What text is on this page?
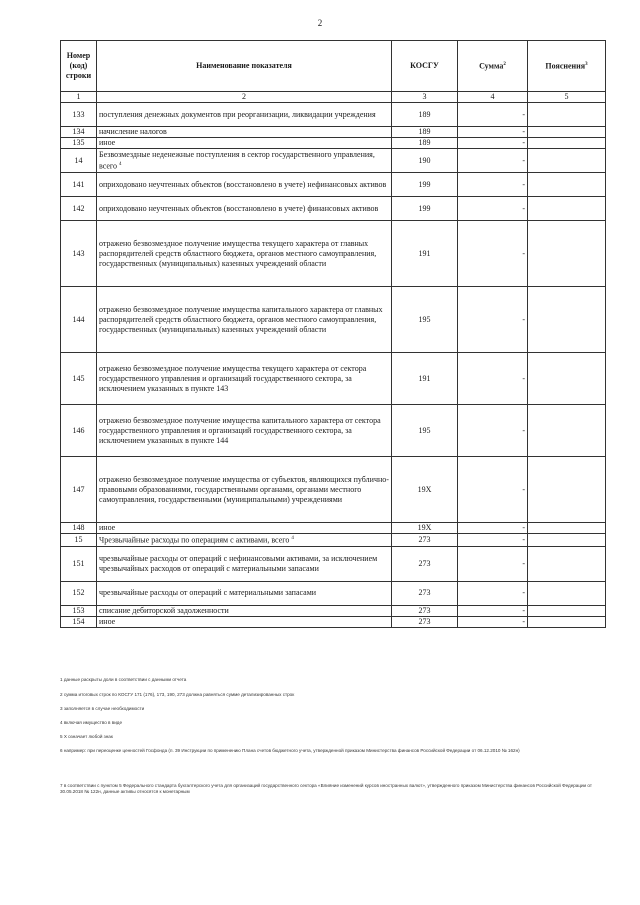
2
Номер (код) строки	Наименование показателя	КОСГУ	Сумма$^2$	Пояснения$^3$
1	2	3	4	5
133	поступления денежных документов при реорганизации, ликвидации учреждения	189	-	
134	начисление налогов	189	-	
135	иное	189	-	
14	Безвозмездные неденежные поступления в сектор государственного управления, всего $^4$	190	-	
141	оприходовано неучтенных объектов (восстановлено в учете) нефинансовых активов	199	-	
142	оприходовано неучтенных объектов (восстановлено в учете) финансовых активов	199	-	
143	отражено безвозмездное получение имущества текущего характера от главных распорядителей средств областного бюджета, органов местного самоуправления, государственных (муниципальных) казенных учреждений области	191	-	
144	отражено безвозмездное получение имущества капитального характера от главных распорядителей средств областного бюджета, органов местного самоуправления, государственных (муниципальных) казенных учреждений области	195	-	
145	отражено безвозмездное получение имущества текущего характера от сектора государственного управления и организаций государственного сектора, за исключением указанных в пункте 143	191	-	
146	отражено безвозмездное получение имущества капитального характера от сектора государственного управления и организаций государственного сектора, за исключением указанных в пункте 144	195	-	
147	отражено безвозмездное получение имущества от субъектов, являющихся публично-правовыми образованиями, государственными органами, органами местного самоуправления, государственными (муниципальными) учреждениями	19Х	-	
148	иное	19Х	-	
15	Чрезвычайные расходы по операциям с активами, всего $^4$	273	-	
151	чрезвычайные расходы от операций с нефинансовыми активами, за исключением чрезвычайных расходов от операций с материальными запасами	273	-	
152	чрезвычайные расходы от операций с материальными запасами	273	-	
153	списание дебиторской задолженности	273	-	
154	иное	273	-	
1 данные раскрыты доли в соответствии с данными отчета
2 сумма итоговых строк по КОСГУ 171 (176), 173, 190, 273 должна равняться сумме детализированных строк
3 заполняется в случае необходимости
4 включая имущество в виде
5 Х означает любой знак
6 например: при переоценке ценностей Госфонда (п. 39 Инструкции по применению Плана счетов бюджетного учета, утвержденной приказом Министерства финансов Российской Федерации от 06.12.2010 № 162н)
7 в соответствии с пунктом 5 Федерального стандарта бухгалтерского учета для организаций государственного сектора «Влияние изменений курсов иностранных валют», утвержденного приказом Министерства финансов Российской Федерации от 30.05.2018 № 122н, данные активы относятся к монетарным
